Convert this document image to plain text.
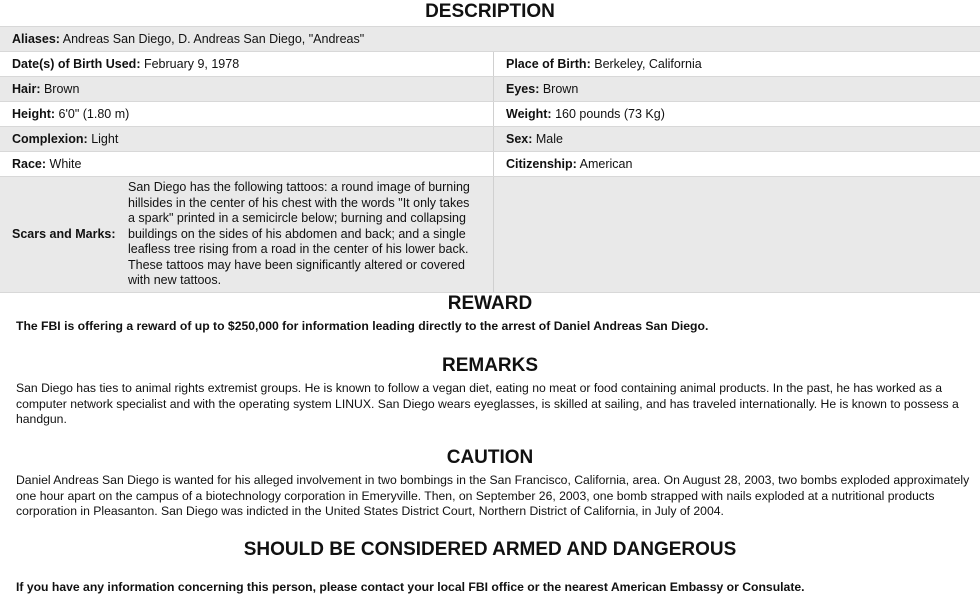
DESCRIPTION
Aliases: Andreas San Diego, D. Andreas San Diego, "Andreas"	
Date(s) of Birth Used: February 9, 1978	Place of Birth: Berkeley, California
Hair: Brown	Eyes: Brown
Height: 6'0" (1.80 m)	Weight: 160 pounds (73 Kg)
Complexion: Light	Sex: Male
Race: White	Citizenship: American

Scars and Marks:
San Diego has the following tattoos: a round image of burning hillsides in the center of his chest with the words "It only takes a spark" printed in a semicircle below; burning and collapsing buildings on the sides of his abdomen and back; and a single leafless tree rising from a road in the center of his lower back. These tattoos may have been significantly altered or covered with new tattoos.	

REWARD

The FBI is offering a reward of up to $250,000 for information leading directly to the arrest of Daniel Andreas San Diego.

REMARKS

San Diego has ties to animal rights extremist groups. He is known to follow a vegan diet, eating no meat or food containing animal products. In the past, he has worked as a computer network specialist and with the operating system LINUX. San Diego wears eyeglasses, is skilled at sailing, and has traveled internationally. He is known to possess a handgun.

CAUTION

Daniel Andreas San Diego is wanted for his alleged involvement in two bombings in the San Francisco, California, area. On August 28, 2003, two bombs exploded approximately one hour apart on the campus of a biotechnology corporation in Emeryville. Then, on September 26, 2003, one bomb strapped with nails exploded at a nutritional products corporation in Pleasanton. San Diego was indicted in the United States District Court, Northern District of California, in July of 2004.

SHOULD BE CONSIDERED ARMED AND DANGEROUS

If you have any information concerning this person, please contact your local FBI office or the nearest American Embassy or Consulate.
